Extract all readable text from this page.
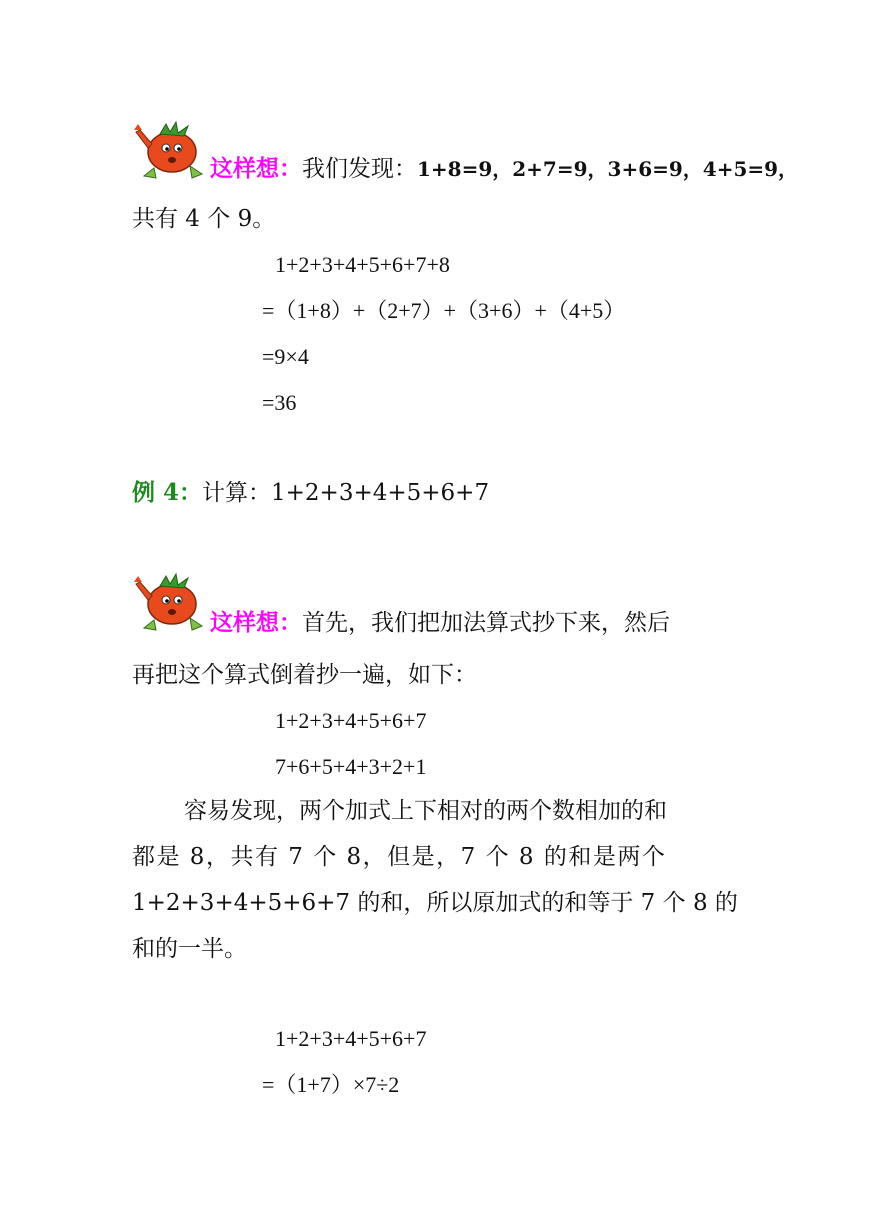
这样想：我们发现：1+8=9，2+7=9，3+6=9，4+5=9，
共有 4 个 9。
1+2+3+4+5+6+7+8
=（1+8）+（2+7）+（3+6）+（4+5）
=9×4
=36
例 4：计算：1+2+3+4+5+6+7
这样想：首先，我们把加法算式抄下来，然后
再把这个算式倒着抄一遍，如下：
1+2+3+4+5+6+7
7+6+5+4+3+2+1
容易发现，两个加式上下相对的两个数相加的和
都是 8，共有 7 个 8，但是，7 个 8 的和是两个
1+2+3+4+5+6+7 的和，所以原加式的和等于 7 个 8 的
和的一半。
1+2+3+4+5+6+7
=（1+7）×7÷2
